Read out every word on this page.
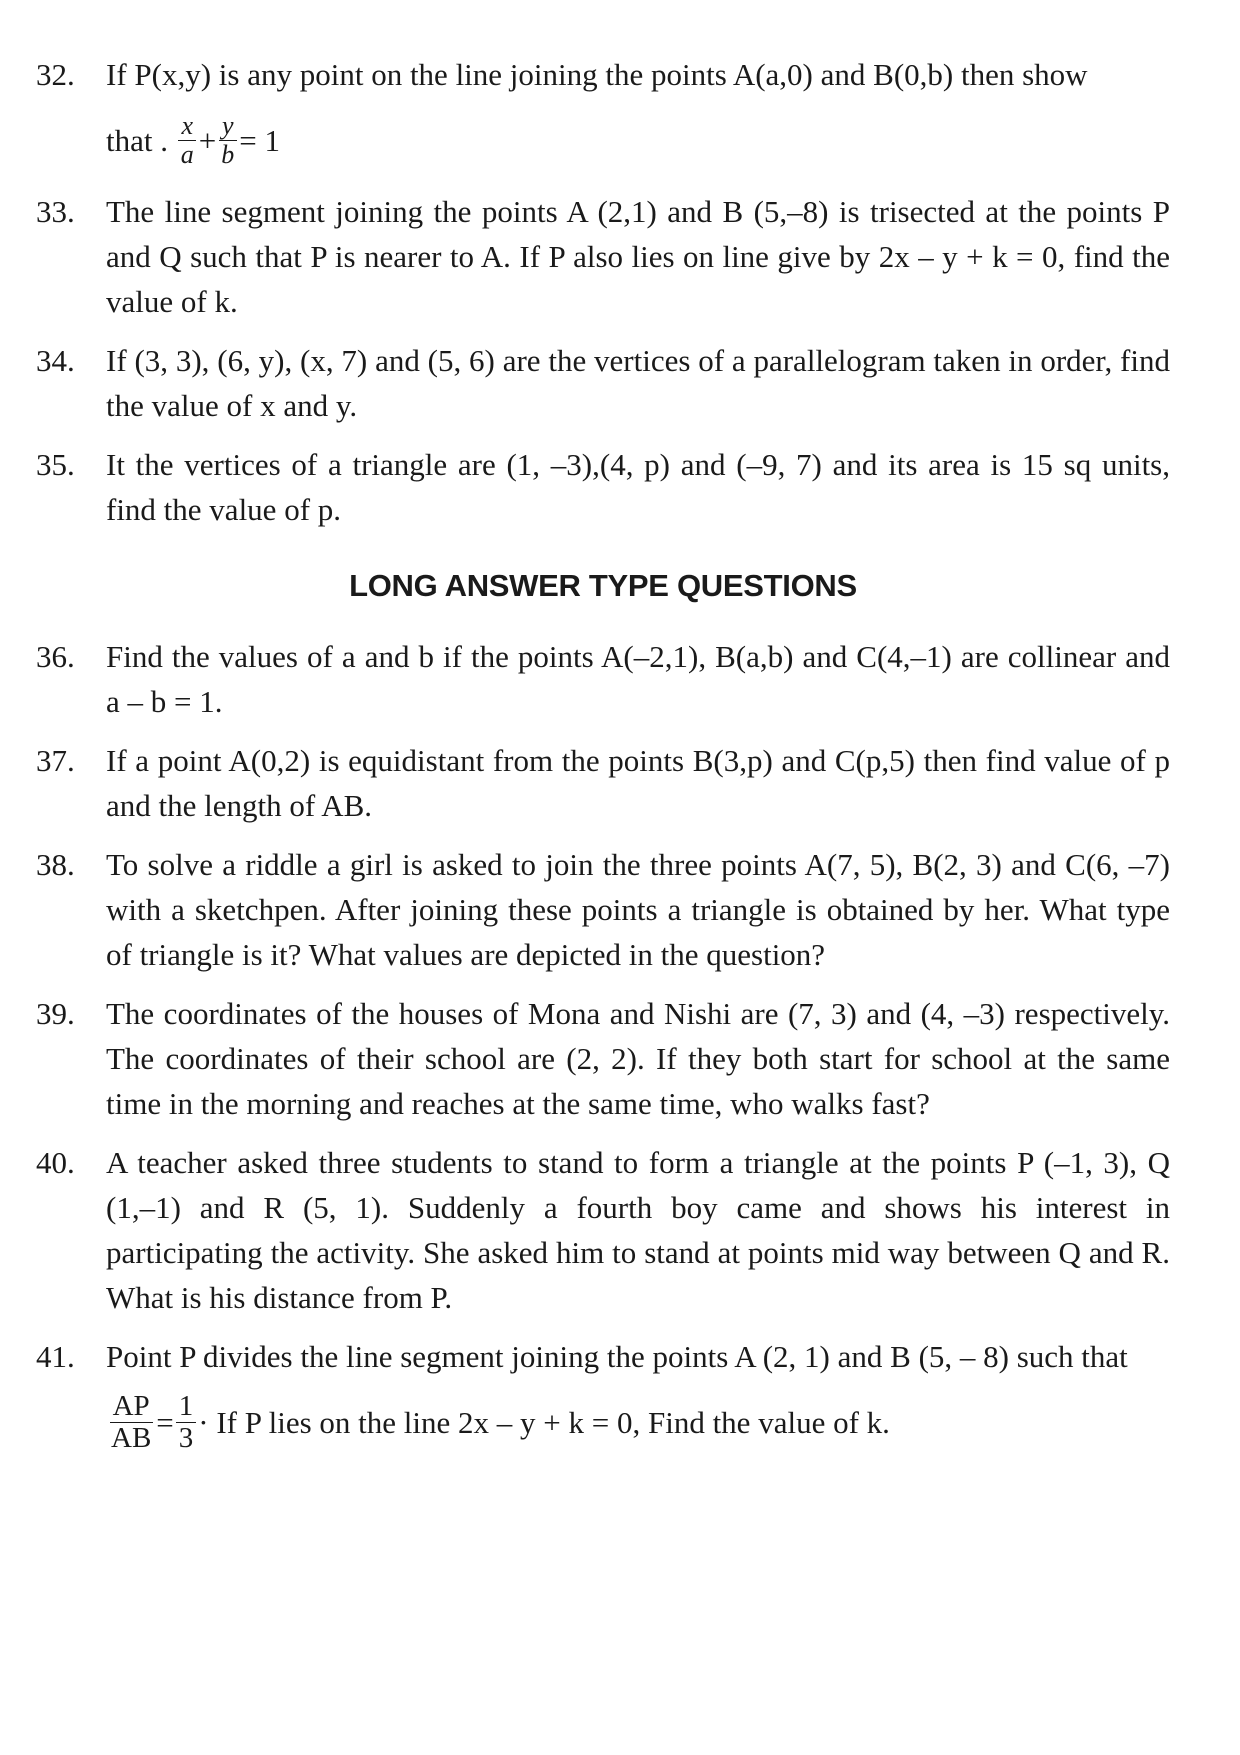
32.	If P(x,y) is any point on the line joining the points A(a,0) and B(0,b) then show

that .
$\frac{x}{a} + \frac{y}{b} = 1$
33.	The line segment joining the points A (2,1) and B (5,–8) is trisected at the points P and Q such that P is nearer to A. If P also lies on line give by 2x – y + k = 0, find the value of k.

34.	If (3, 3), (6, y), (x, 7) and (5, 6) are the vertices of a parallelogram taken in order, find the value of x and y.

35.	It the vertices of a triangle are (1, –3),(4, p) and (–9, 7) and its area is 15 sq units, find the value of p.

LONG ANSWER TYPE QUESTIONS
36.	Find the values of a and b if the points A(–2,1), B(a,b) and C(4,–1) are collinear and a – b = 1.

37.	If a point A(0,2) is equidistant from the points B(3,p) and C(p,5) then find value of p and the length of AB.

38.	To solve a riddle a girl is asked to join the three points A(7, 5), B(2, 3) and C(6, –7) with a sketchpen. After joining these points a triangle is obtained by her. What type of triangle is it? What values are depicted in the question?

39.	The coordinates of the houses of Mona and Nishi are (7, 3) and (4, –3) respectively. The coordinates of their school are (2, 2). If they both start for school at the same time in the morning and reaches at the same time, who walks fast?

40.	A teacher asked three students to stand to form a triangle at the points P (–1, 3), Q (1,–1) and R (5, 1). Suddenly a fourth boy came and shows his interest in participating the activity. She asked him to stand at points mid way between Q and R. What is his distance from P.

41.	Point P divides the line segment joining the points A (2, 1) and B (5, – 8) such that

$\frac{AP}{AB} = \frac{1}{3}$ ·
If P lies on the line 2x – y + k = 0, Find the value of k.
